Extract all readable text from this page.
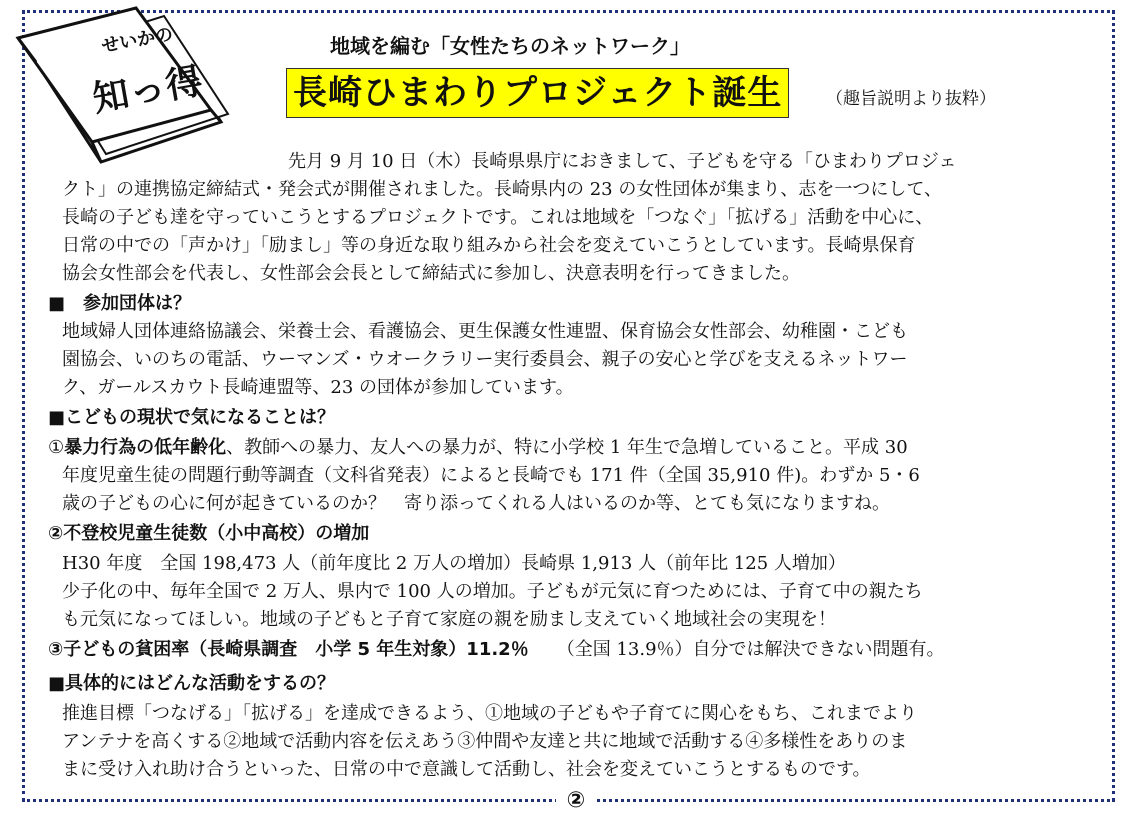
②
せいかの
知っ得
地域を編む「女性たちのネットワーク」
長崎ひまわりプロジェクト誕生	（趣旨説明より抜粋）
先月 9 月 10 日（木）長崎県県庁におきまして、子どもを守る「ひまわりプロジェ
クト」の連携協定締結式・発会式が開催されました。長崎県内の 23 の女性団体が集まり、志を一つにして、
長崎の子ども達を守っていこうとするプロジェクトです。これは地域を「つなぐ」「拡げる」活動を中心に、
日常の中での「声かけ」「励まし」等の身近な取り組みから社会を変えていこうとしています。長崎県保育
協会女性部会を代表し、女性部会会長として締結式に参加し、決意表明を行ってきました。
■　参加団体は？
地域婦人団体連絡協議会、栄養士会、看護協会、更生保護女性連盟、保育協会女性部会、幼稚園・こども
園協会、いのちの電話、ウーマンズ・ウオークラリー実行委員会、親子の安心と学びを支えるネットワー
ク、ガールスカウト長崎連盟等、23 の団体が参加しています。
■こどもの現状で気になることは？
①暴力行為の低年齢化、教師への暴力、友人への暴力が、特に小学校 1 年生で急増していること。平成 30
年度児童生徒の問題行動等調査（文科省発表）によると長崎でも 171 件（全国 35,910 件)。わずか 5・6
歳の子どもの心に何が起きているのか？　寄り添ってくれる人はいるのか等、とても気になりますね。
②不登校児童生徒数（小中高校）の増加
H30 年度　全国 198,473 人（前年度比 2 万人の増加）長崎県 1,913 人（前年比 125 人増加）
少子化の中、毎年全国で 2 万人、県内で 100 人の増加。子どもが元気に育つためには、子育て中の親たち
も元気になってほしい。地域の子どもと子育て家庭の親を励まし支えていく地域社会の実現を！
③子どもの貧困率（長崎県調査　小学 5 年生対象）11.2％ （全国 13.9％）自分では解決できない問題有。
■具体的にはどんな活動をするの？
推進目標「つなげる」「拡げる」を達成できるよう、①地域の子どもや子育てに関心をもち、これまでより
アンテナを高くする②地域で活動内容を伝えあう③仲間や友達と共に地域で活動する④多様性をありのま
まに受け入れ助け合うといった、日常の中で意識して活動し、社会を変えていこうとするものです。
